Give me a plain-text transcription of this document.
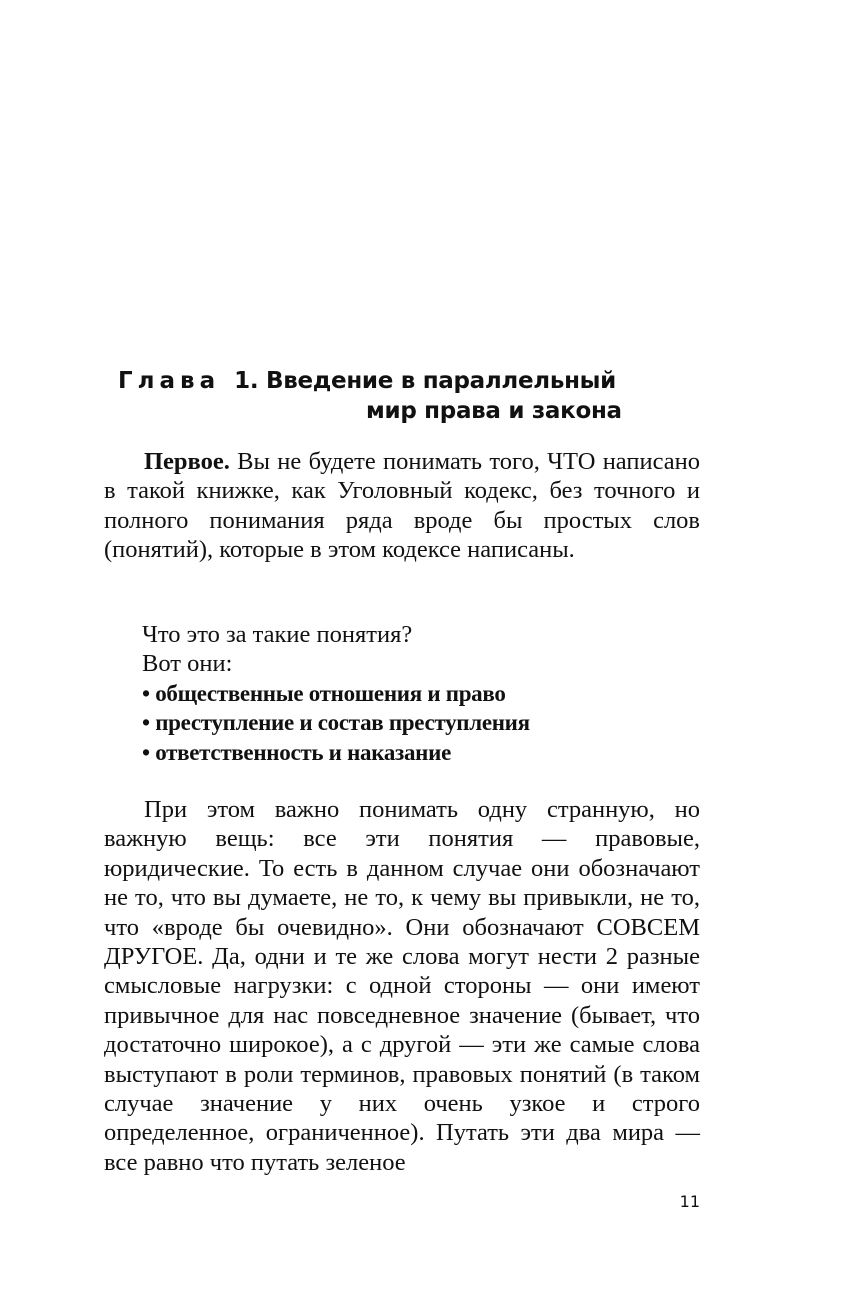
Глава 1. Введение в параллельный
мир права и закона

Первое. Вы не будете понимать того, ЧТО написано в такой книжке, как Уголовный кодекс, без точного и полного понимания ряда вроде бы простых слов (понятий), которые в этом кодексе написаны.

Что это за такие понятия?

Вот они:

• общественные отношения и право

• преступление и состав преступления

• ответственность и наказание

При этом важно понимать одну странную, но важную вещь: все эти понятия — правовые, юридические. То есть в данном случае они обозначают не то, что вы думаете, не то, к чему вы привыкли, не то, что «вроде бы очевидно». Они обозначают СОВСЕМ ДРУГОЕ. Да, одни и те же слова могут нести 2 разные смысловые нагрузки: с одной стороны — они имеют привычное для нас повседневное значение (бывает, что достаточно широкое), а с другой — эти же самые слова выступают в роли терминов, правовых понятий (в таком случае значение у них очень узкое и строго определенное, ограниченное). Путать эти два мира — все равно что путать зеленое

11
